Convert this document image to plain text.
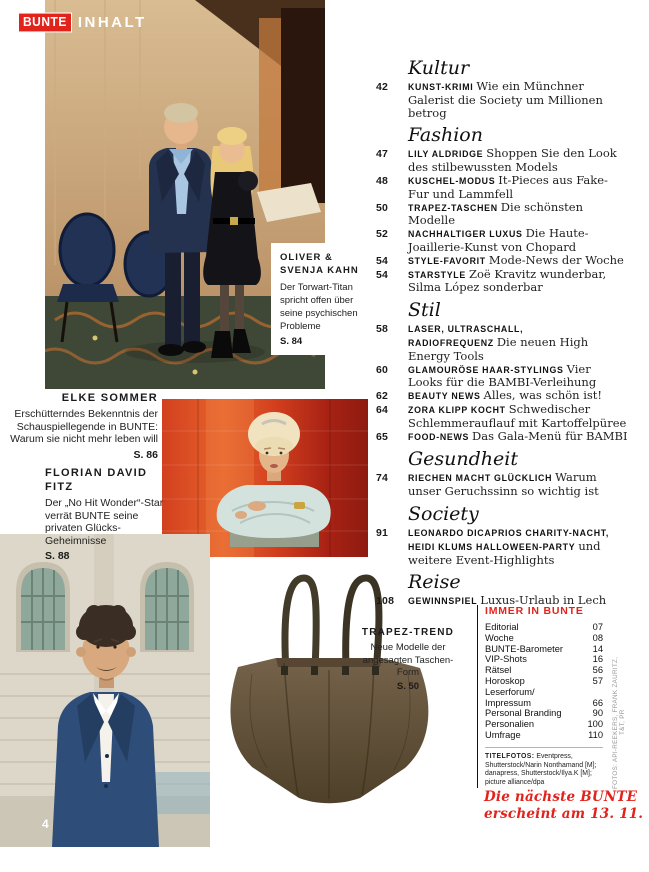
BUNTE INHALT
OLIVER &
SVENJA KAHN
Der Torwart-Titan spricht offen über seine psychischen Probleme
S. 84
ELKE SOMMER
Erschütterndes Bekenntnis der Schauspiellegende in BUNTE: Warum sie nicht mehr leben will
S. 86
FLORIAN DAVID FITZ
Der „No Hit Wonder“-Star verrät BUNTE seine privaten Glücks-Geheimnisse
S. 88
TRAPEZ-TREND
Neue Modelle der angesagten Taschen-Form
S. 50
Kultur
42	KUNST-KRIMI Wie ein Münchner Galerist die Society um Millionen betrog
Fashion
47	LILY ALDRIDGE Shoppen Sie den Look des stilbewussten Models
48	KUSCHEL-MODUS It-Pieces aus Fake-Fur und Lammfell
50	TRAPEZ-TASCHEN Die schönsten Modelle
52	NACHHALTIGER LUXUS Die Haute-Joaillerie-Kunst von Chopard
54	STYLE-FAVORIT Mode-News der Woche
54	STARSTYLE Zoë Kravitz wunderbar, Silma López sonderbar
Stil
58	LASER, ULTRASCHALL, RADIOFREQUENZ Die neuen High Energy Tools
60	GLAMOURÖSE HAAR-STYLINGS Vier Looks für die BAMBI-Verleihung
62	BEAUTY NEWS Alles, was schön ist!
64	ZORA KLIPP KOCHT Schwedischer Schlemmerauflauf mit Kartoffelpüree
65	FOOD-NEWS Das Gala-Menü für BAMBI
Gesundheit
74	RIECHEN MACHT GLÜCKLICH Warum unser Geruchssinn so wichtig ist
Society
91	LEONARDO DICAPRIOS CHARITY-NACHT, HEIDI KLUMS HALLOWEEN-PARTY und weitere Event-Highlights
Reise
108	GEWINNSPIEL Luxus-Urlaub in Lech
IMMER IN BUNTE
Editorial	07
Woche	08
BUNTE-Barometer	14
VIP-Shots	16
Rätsel	56
Horoskop	57
Leserforum/
Impressum	66
Personal Branding	90
Personalien	100
Umfrage	110
TITELFOTOS: Eventpress, Shutterstock/Narin Nonthamand [M]; danapress, Shutterstock/Ilya.K [M]; picture alliance/dpa
Die nächste BUNTE
erscheint am 13. 11.
FOTOS: API-REEKERS, FRANK ZAURITZ, T&T, PR
4
